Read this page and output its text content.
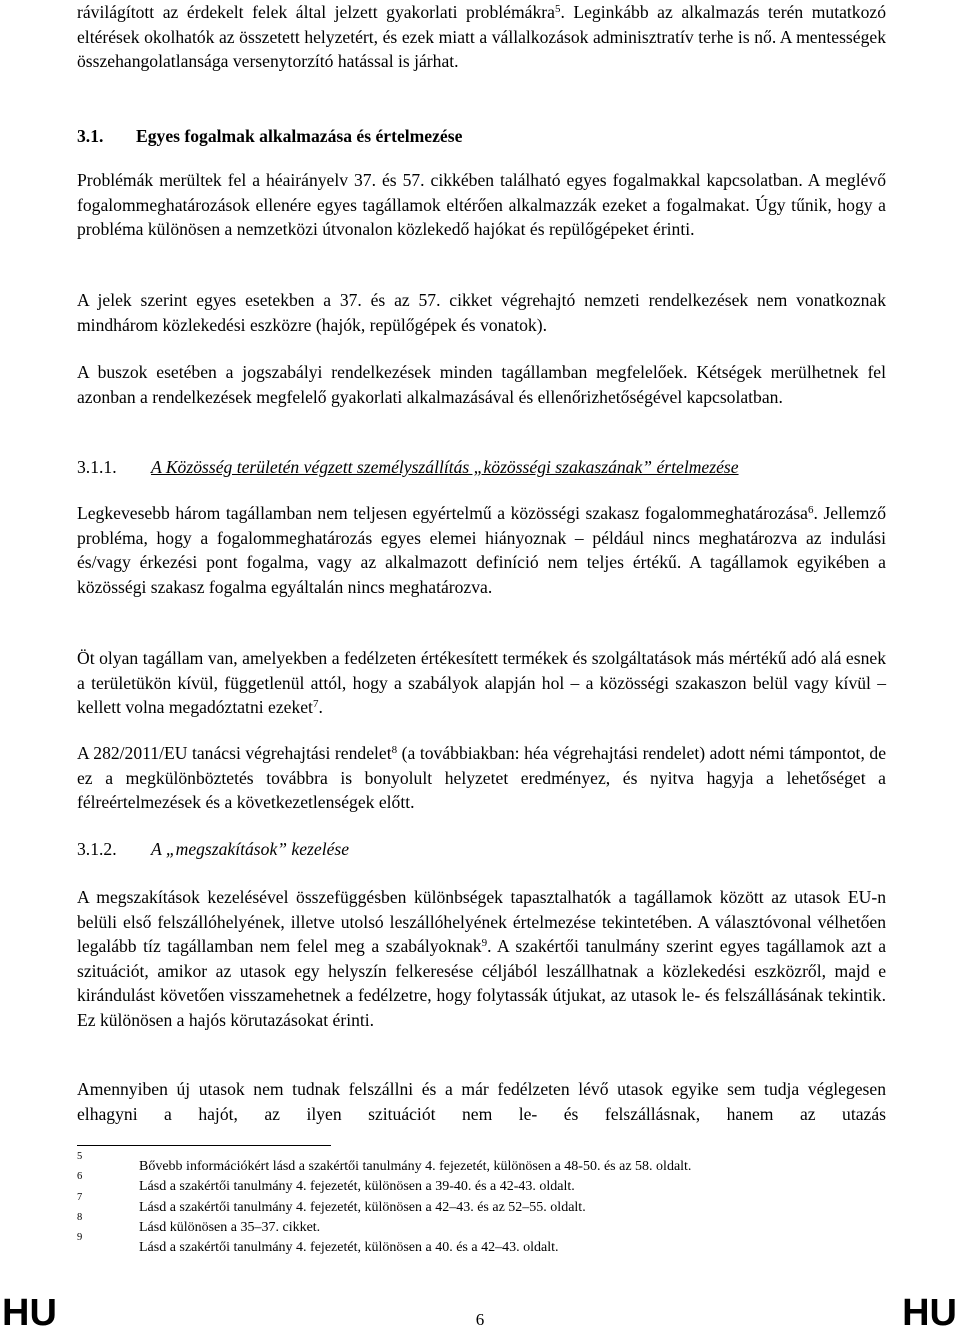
rávilágított az érdekelt felek által jelzett gyakorlati problémákra$^5$. Leginkább az alkalmazás terén mutatkozó eltérések okolhatók az összetett helyzetért, és ezek miatt a vállalkozások adminisztratív terhe is nő. A mentességek összehangolatlansága versenytorzító hatással is járhat.

3.1. Egyes fogalmak alkalmazása és értelmezése

Problémák merültek fel a héairányelv 37. és 57. cikkében található egyes fogalmakkal kapcsolatban. A meglévő fogalommeghatározások ellenére egyes tagállamok eltérően alkalmazzák ezeket a fogalmakat. Úgy tűnik, hogy a probléma különösen a nemzetközi útvonalon közlekedő hajókat és repülőgépeket érinti.

A jelek szerint egyes esetekben a 37. és az 57. cikket végrehajtó nemzeti rendelkezések nem vonatkoznak mindhárom közlekedési eszközre (hajók, repülőgépek és vonatok).

A buszok esetében a jogszabályi rendelkezések minden tagállamban megfelelőek. Kétségek merülhetnek fel azonban a rendelkezések megfelelő gyakorlati alkalmazásával és ellenőrizhetőségével kapcsolatban.

3.1.1. A Közösség területén végzett személyszállítás „közösségi szakaszának” értelmezése

Legkevesebb három tagállamban nem teljesen egyértelmű a közösségi szakasz fogalommeghatározása$^6$. Jellemző probléma, hogy a fogalommeghatározás egyes elemei hiányoznak – például nincs meghatározva az indulási és/vagy érkezési pont fogalma, vagy az alkalmazott definíció nem teljes értékű. A tagállamok egyikében a közösségi szakasz fogalma egyáltalán nincs meghatározva.

Öt olyan tagállam van, amelyekben a fedélzeten értékesített termékek és szolgáltatások más mértékű adó alá esnek a területükön kívül, függetlenül attól, hogy a szabályok alapján hol – a közösségi szakaszon belül vagy kívül – kellett volna megadóztatni ezeket$^7$.

A 282/2011/EU tanácsi végrehajtási rendelet$^8$ (a továbbiakban: héa végrehajtási rendelet) adott némi támpontot, de ez a megkülönböztetés továbbra is bonyolult helyzetet eredményez, és nyitva hagyja a lehetőséget a félreértelmezések és a következetlenségek előtt.

3.1.2. A „megszakítások” kezelése

A megszakítások kezelésével összefüggésben különbségek tapasztalhatók a tagállamok között az utasok EU-n belüli első felszállóhelyének, illetve utolsó leszállóhelyének értelmezése tekintetében. A választóvonal vélhetően legalább tíz tagállamban nem felel meg a szabályoknak$^9$. A szakértői tanulmány szerint egyes tagállamok azt a szituációt, amikor az utasok egy helyszín felkeresése céljából leszállhatnak a közlekedési eszközről, majd e kirándulást követően visszamehetnek a fedélzetre, hogy folytassák útjukat, az utasok le- és felszállásának tekintik. Ez különösen a hajós körutazásokat érinti.

Amennyiben új utasok nem tudnak felszállni és a már fedélzeten lévő utasok egyike sem tudja véglegesen elhagyni a hajót, az ilyen szituációt nem le- és felszállásnak, hanem az utazás

5
Bővebb információkért lásd a szakértői tanulmány 4. fejezetét, különösen a 48-50. és az 58. oldalt.
6
Lásd a szakértői tanulmány 4. fejezetét, különösen a 39-40. és a 42-43. oldalt.
7
Lásd a szakértői tanulmány 4. fejezetét, különösen a 42–43. és az 52–55. oldalt.
8
Lásd különösen a 35–37. cikket.
9
Lásd a szakértői tanulmány 4. fejezetét, különösen a 40. és a 42–43. oldalt.
HU	6	HU
